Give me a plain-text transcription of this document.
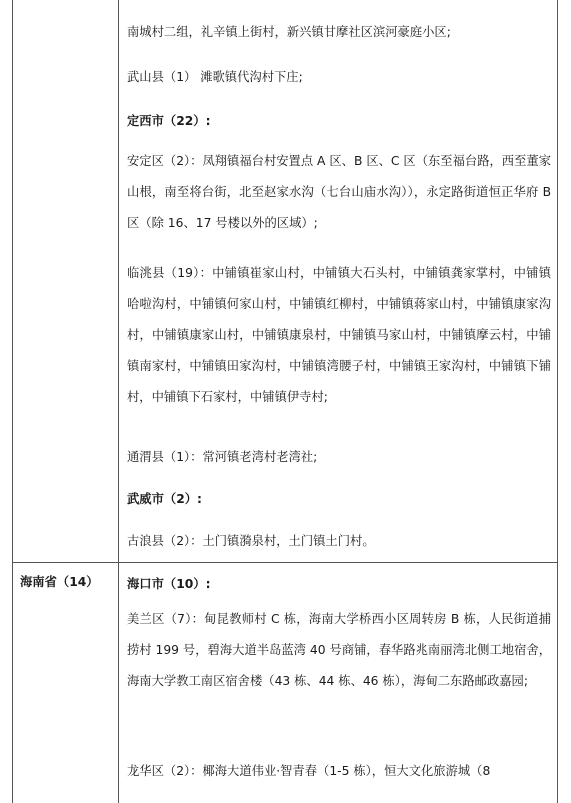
海南省（14）
南城村二组，礼辛镇上街村，新兴镇甘摩社区滨河豪庭小区;
武山县（1） 滩歌镇代沟村下庄;
定西市（22）:
安定区（2）：凤翔镇福台村安置点 A 区、B 区、C 区（东至福台路，西至董家山根，南至将台街，北至赵家水沟（七台山庙水沟）），永定路街道恒正华府 B 区（除 16、17 号楼以外的区域）;
临洮县（19）：中铺镇崔家山村，中铺镇大石头村，中铺镇龚家掌村，中铺镇哈啦沟村，中铺镇何家山村，中铺镇红柳村，中铺镇蒋家山村，中铺镇康家沟村，中铺镇康家山村，中铺镇康泉村，中铺镇马家山村，中铺镇摩云村，中铺镇南家村，中铺镇田家沟村，中铺镇湾腰子村，中铺镇王家沟村，中铺镇下铺村，中铺镇下石家村，中铺镇伊寺村;
通渭县（1）：常河镇老湾村老湾社;
武威市（2）:
古浪县（2）：土门镇漪泉村，土门镇土门村。
海口市（10）:
美兰区（7）：甸昆教师村 C 栋，海南大学桥西小区周转房 B 栋，人民街道捕捞村 199 号，碧海大道半岛蓝湾 40 号商铺，春华路兆南丽湾北侧工地宿舍，海南大学教工南区宿舍楼（43 栋、44 栋、46 栋），海甸二东路邮政嘉园;
龙华区（2）：椰海大道伟业·智青春（1-5 栋），恒大文化旅游城（8
